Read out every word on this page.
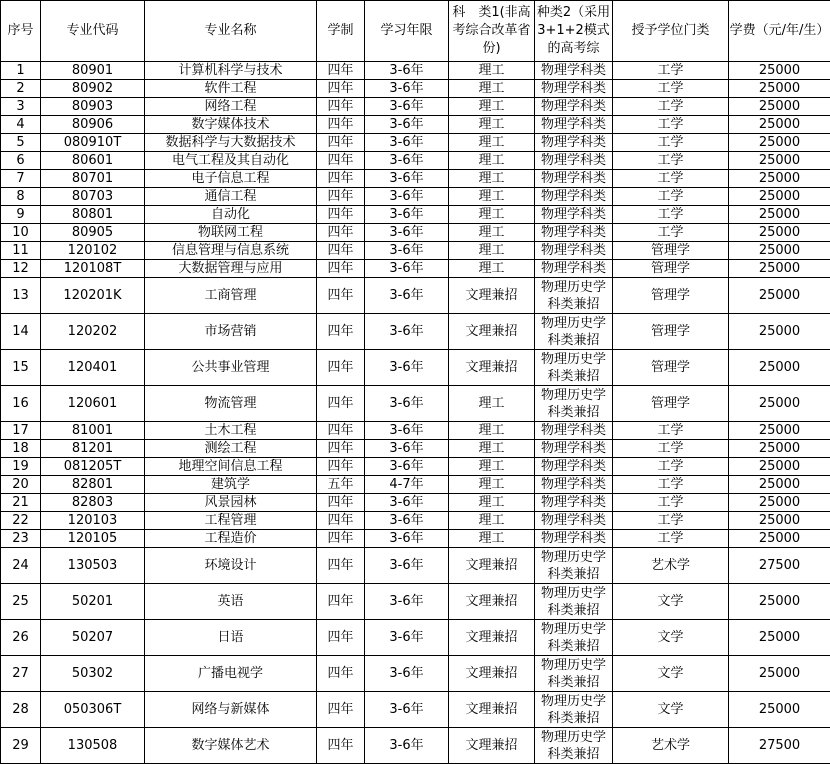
序号	专业代码	专业名称	学制	学习年限	科　类1(非高考综合改革省份)	种类2（采用3+1+2模式的高考综	授予学位门类	学费（元/年/生）
1	80901	计算机科学与技术	四年	3-6年	理工	物理学科类	工学	25000
2	80902	软件工程	四年	3-6年	理工	物理学科类	工学	25000
3	80903	网络工程	四年	3-6年	理工	物理学科类	工学	25000
4	80906	数字媒体技术	四年	3-6年	理工	物理学科类	工学	25000
5	080910T	数据科学与大数据技术	四年	3-6年	理工	物理学科类	工学	25000
6	80601	电气工程及其自动化	四年	3-6年	理工	物理学科类	工学	25000
7	80701	电子信息工程	四年	3-6年	理工	物理学科类	工学	25000
8	80703	通信工程	四年	3-6年	理工	物理学科类	工学	25000
9	80801	自动化	四年	3-6年	理工	物理学科类	工学	25000
10	80905	物联网工程	四年	3-6年	理工	物理学科类	工学	25000
11	120102	信息管理与信息系统	四年	3-6年	理工	物理学科类	管理学	25000
12	120108T	大数据管理与应用	四年	3-6年	理工	物理学科类	管理学	25000
13	120201K	工商管理	四年	3-6年	文理兼招	物理历史学科类兼招	管理学	25000
14	120202	市场营销	四年	3-6年	文理兼招	物理历史学科类兼招	管理学	25000
15	120401	公共事业管理	四年	3-6年	文理兼招	物理历史学科类兼招	管理学	25000
16	120601	物流管理	四年	3-6年	理工	物理历史学科类兼招	管理学	25000
17	81001	土木工程	四年	3-6年	理工	物理学科类	工学	25000
18	81201	测绘工程	四年	3-6年	理工	物理学科类	工学	25000
19	081205T	地理空间信息工程	四年	3-6年	理工	物理学科类	工学	25000
20	82801	建筑学	五年	4-7年	理工	物理学科类	工学	25000
21	82803	风景园林	四年	3-6年	理工	物理学科类	工学	25000
22	120103	工程管理	四年	3-6年	理工	物理学科类	工学	25000
23	120105	工程造价	四年	3-6年	理工	物理学科类	工学	25000
24	130503	环境设计	四年	3-6年	文理兼招	物理历史学科类兼招	艺术学	27500
25	50201	英语	四年	3-6年	文理兼招	物理历史学科类兼招	文学	25000
26	50207	日语	四年	3-6年	文理兼招	物理历史学科类兼招	文学	25000
27	50302	广播电视学	四年	3-6年	文理兼招	物理历史学科类兼招	文学	25000
28	050306T	网络与新媒体	四年	3-6年	文理兼招	物理历史学科类兼招	文学	25000
29	130508	数字媒体艺术	四年	3-6年	文理兼招	物理历史学科类兼招	艺术学	27500
